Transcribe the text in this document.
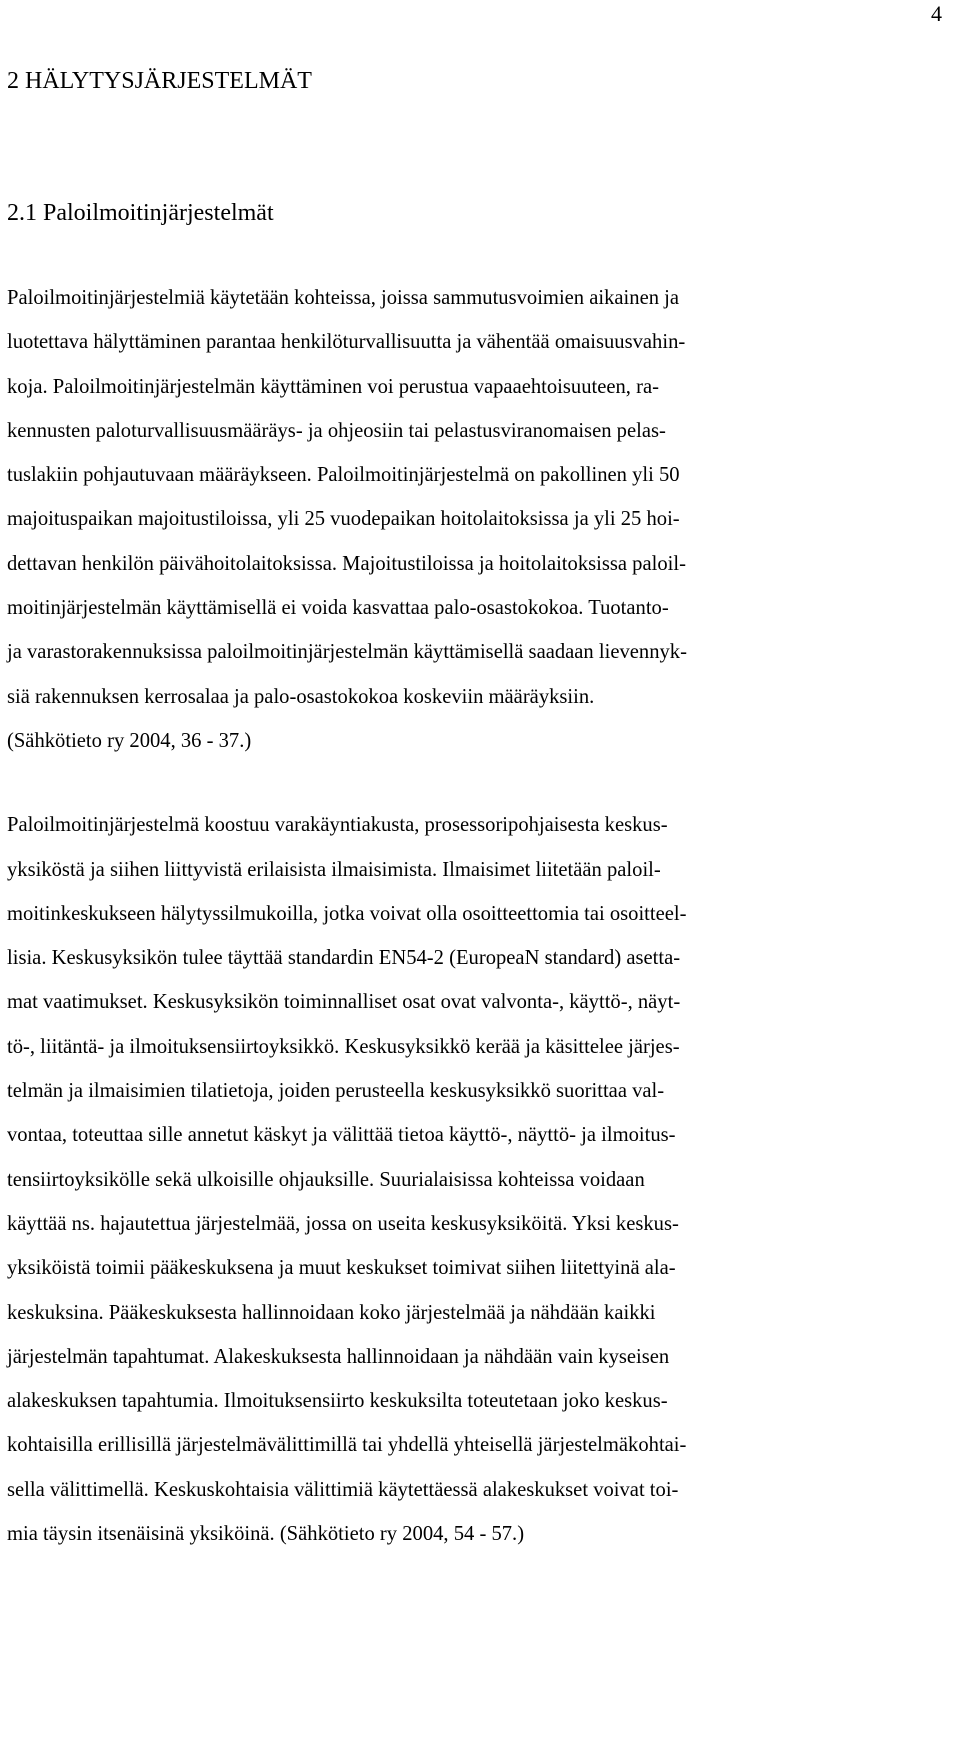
4
2 HÄLYTYSJÄRJESTELMÄT
2.1 Paloilmoitinjärjestelmät

Paloilmoitinjärjestelmiä käytetään kohteissa, joissa sammutusvoimien aikainen ja
luotettava hälyttäminen parantaa henkilöturvallisuutta ja vähentää omaisuusvahin-
koja. Paloilmoitinjärjestelmän käyttäminen voi perustua vapaaehtoisuuteen, ra-
kennusten paloturvallisuusmääräys- ja ohjeosiin tai pelastusviranomaisen pelas-
tuslakiin pohjautuvaan määräykseen. Paloilmoitinjärjestelmä on pakollinen yli 50
majoituspaikan majoitustiloissa, yli 25 vuodepaikan hoitolaitoksissa ja yli 25 hoi-
dettavan henkilön päivähoitolaitoksissa. Majoitustiloissa ja hoitolaitoksissa paloil-
moitinjärjestelmän käyttämisellä ei voida kasvattaa palo-osastokokoa. Tuotanto-
ja varastorakennuksissa paloilmoitinjärjestelmän käyttämisellä saadaan lievennyk-
siä rakennuksen kerrosalaa ja palo-osastokokoa koskeviin määräyksiin.
(Sähkötieto ry 2004, 36 - 37.)

Paloilmoitinjärjestelmä koostuu varakäyntiakusta, prosessoripohjaisesta keskus-
yksiköstä ja siihen liittyvistä erilaisista ilmaisimista. Ilmaisimet liitetään paloil-
moitinkeskukseen hälytyssilmukoilla, jotka voivat olla osoitteettomia tai osoitteel-
lisia. Keskusyksikön tulee täyttää standardin EN54-2 (EuropeaN standard) asetta-
mat vaatimukset. Keskusyksikön toiminnalliset osat ovat valvonta-, käyttö-, näyt-
tö-, liitäntä- ja ilmoituksensiirtoyksikkö. Keskusyksikkö kerää ja käsittelee järjes-
telmän ja ilmaisimien tilatietoja, joiden perusteella keskusyksikkö suorittaa val-
vontaa, toteuttaa sille annetut käskyt ja välittää tietoa käyttö-, näyttö- ja ilmoitus-
tensiirtoyksikölle sekä ulkoisille ohjauksille. Suurialaisissa kohteissa voidaan
käyttää ns. hajautettua järjestelmää, jossa on useita keskusyksiköitä. Yksi keskus-
yksiköistä toimii pääkeskuksena ja muut keskukset toimivat siihen liitettyinä ala-
keskuksina. Pääkeskuksesta hallinnoidaan koko järjestelmää ja nähdään kaikki
järjestelmän tapahtumat. Alakeskuksesta hallinnoidaan ja nähdään vain kyseisen
alakeskuksen tapahtumia. Ilmoituksensiirto keskuksilta toteutetaan joko keskus-
kohtaisilla erillisillä järjestelmävälittimillä tai yhdellä yhteisellä järjestelmäkohtai-
sella välittimellä. Keskuskohtaisia välittimiä käytettäessä alakeskukset voivat toi-
mia täysin itsenäisinä yksiköinä. (Sähkötieto ry 2004, 54 - 57.)
